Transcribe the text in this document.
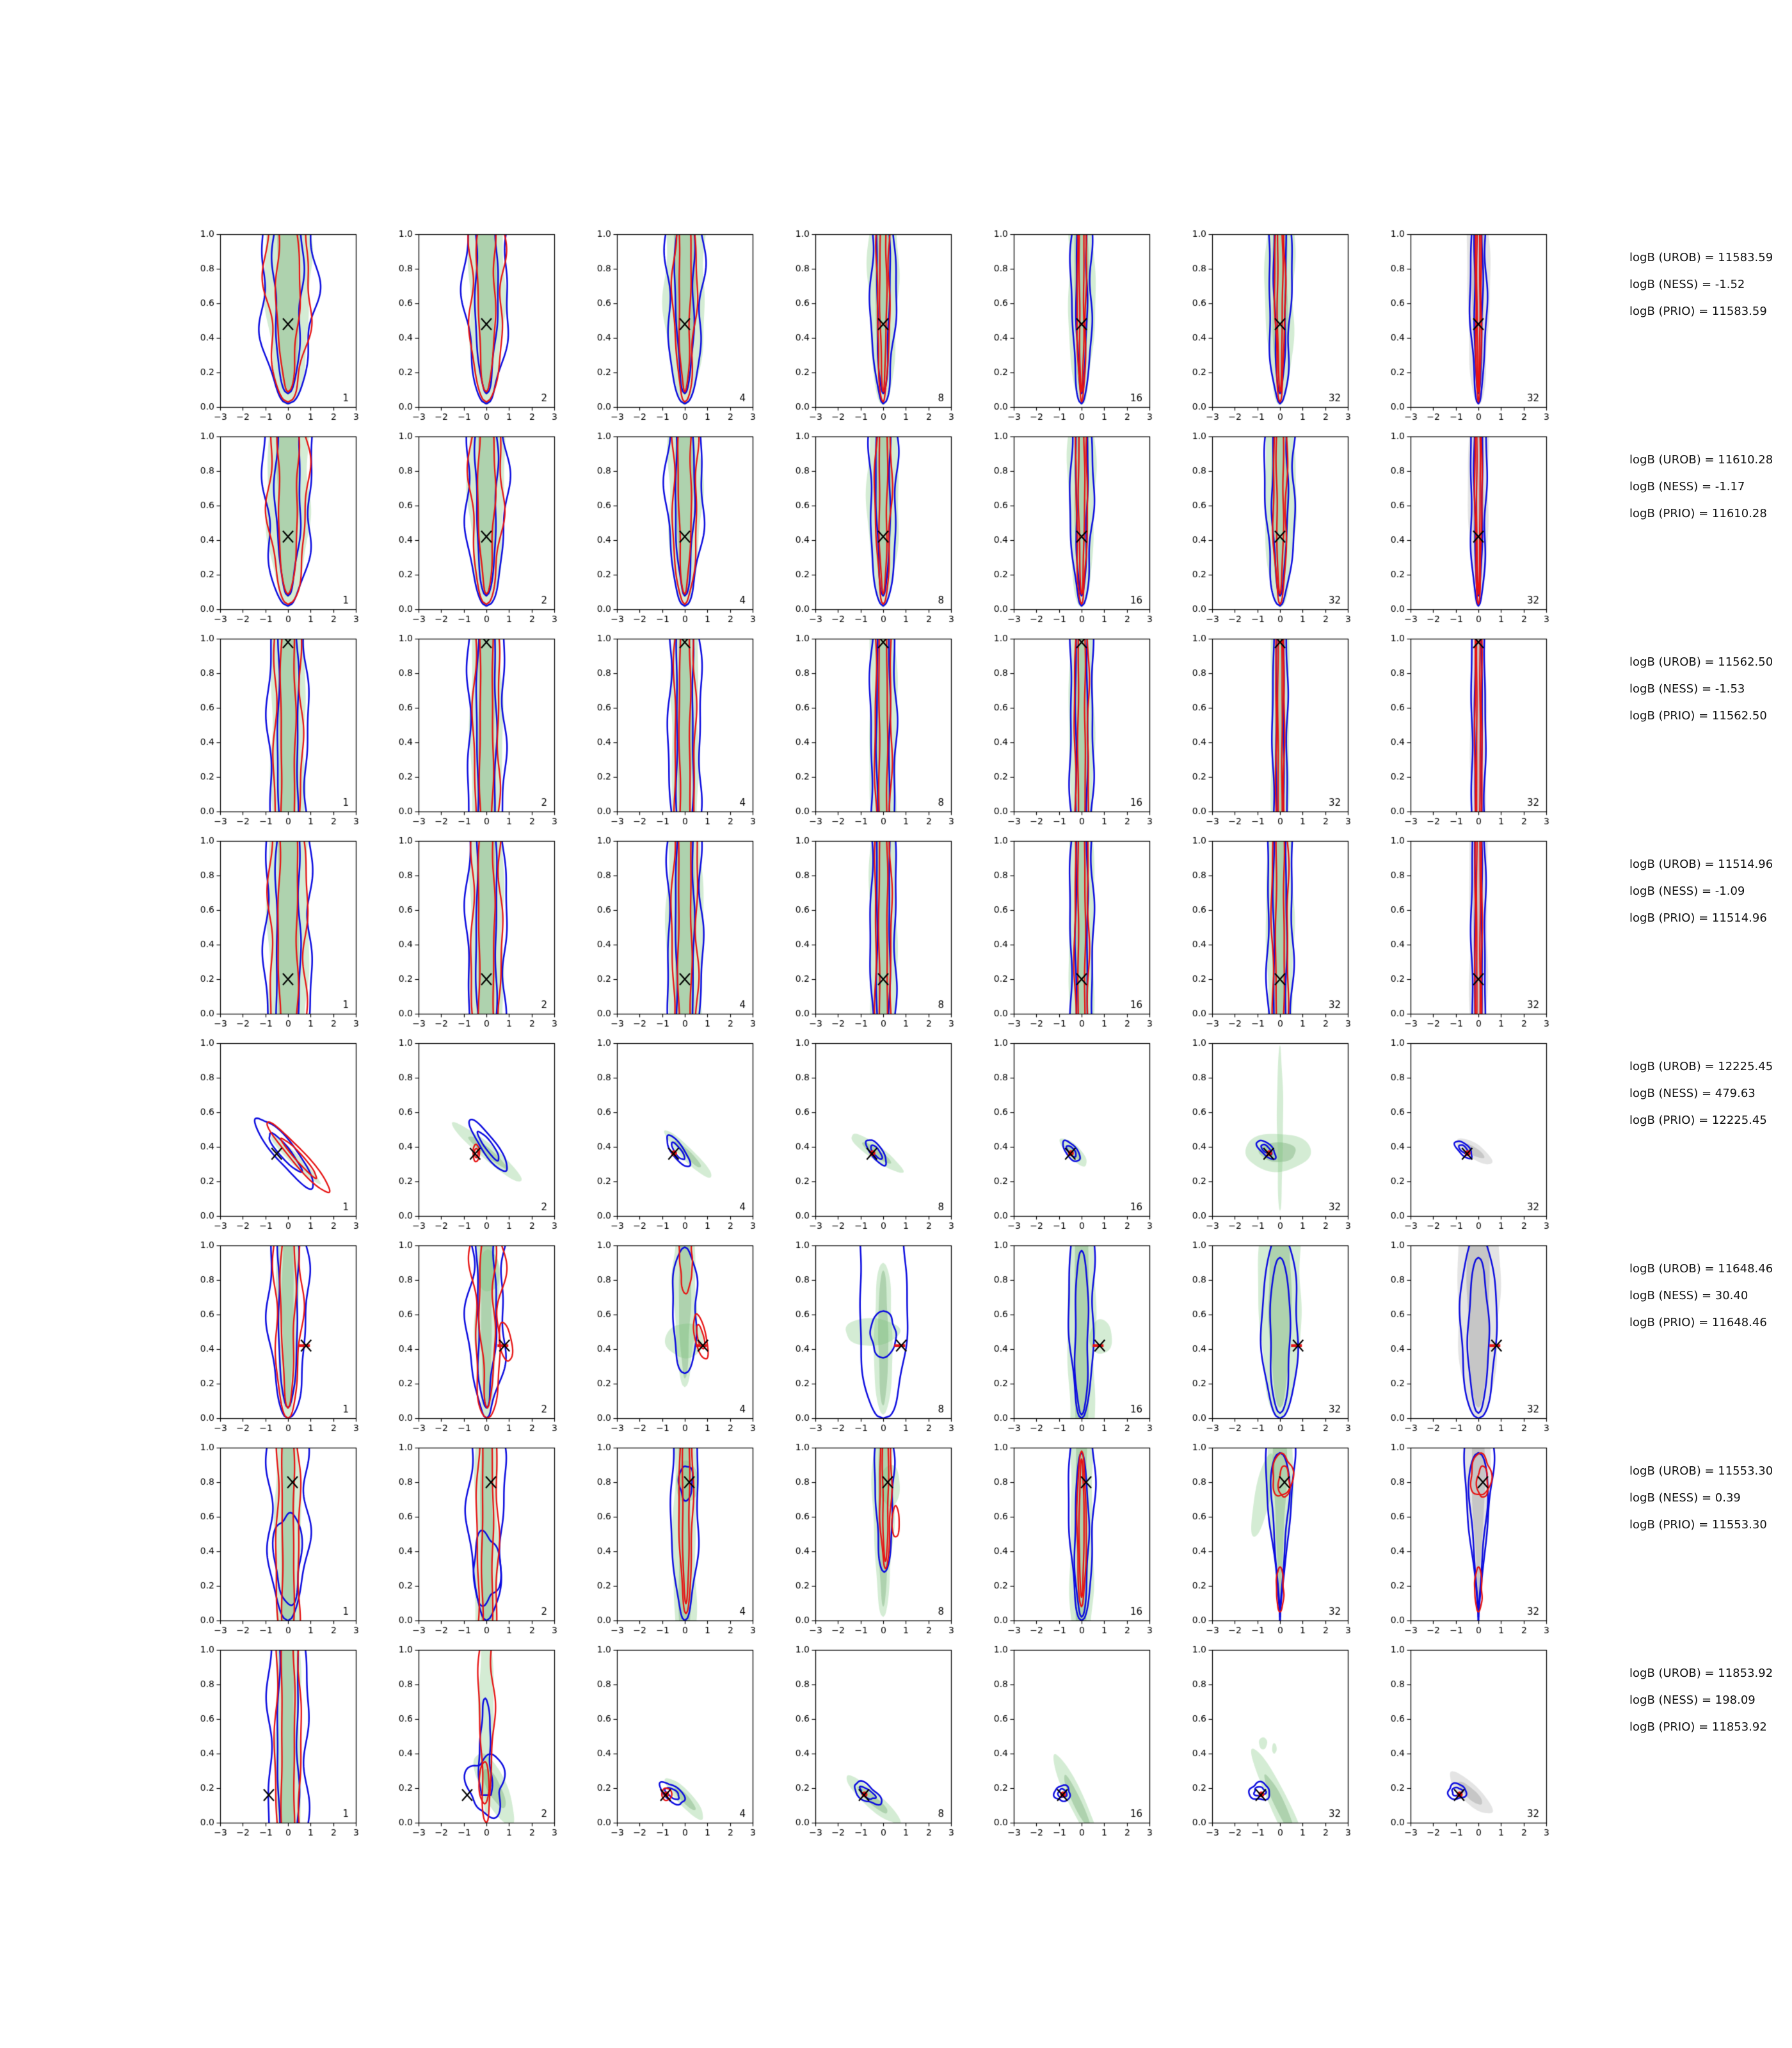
logB (UROB) = 11583.59
logB (NESS) = -1.52
logB (PRIO) = 11583.59
logB (UROB) = 11610.28
logB (NESS) = -1.17
logB (PRIO) = 11610.28
logB (UROB) = 11562.50
logB (NESS) = -1.53
logB (PRIO) = 11562.50
logB (UROB) = 11514.96
logB (NESS) = -1.09
logB (PRIO) = 11514.96
logB (UROB) = 12225.45
logB (NESS) = 479.63
logB (PRIO) = 12225.45
logB (UROB) = 11648.46
logB (NESS) = 30.40
logB (PRIO) = 11648.46
logB (UROB) = 11553.30
logB (NESS) = 0.39
logB (PRIO) = 11553.30
logB (UROB) = 11853.92
logB (NESS) = 198.09
logB (PRIO) = 11853.92
